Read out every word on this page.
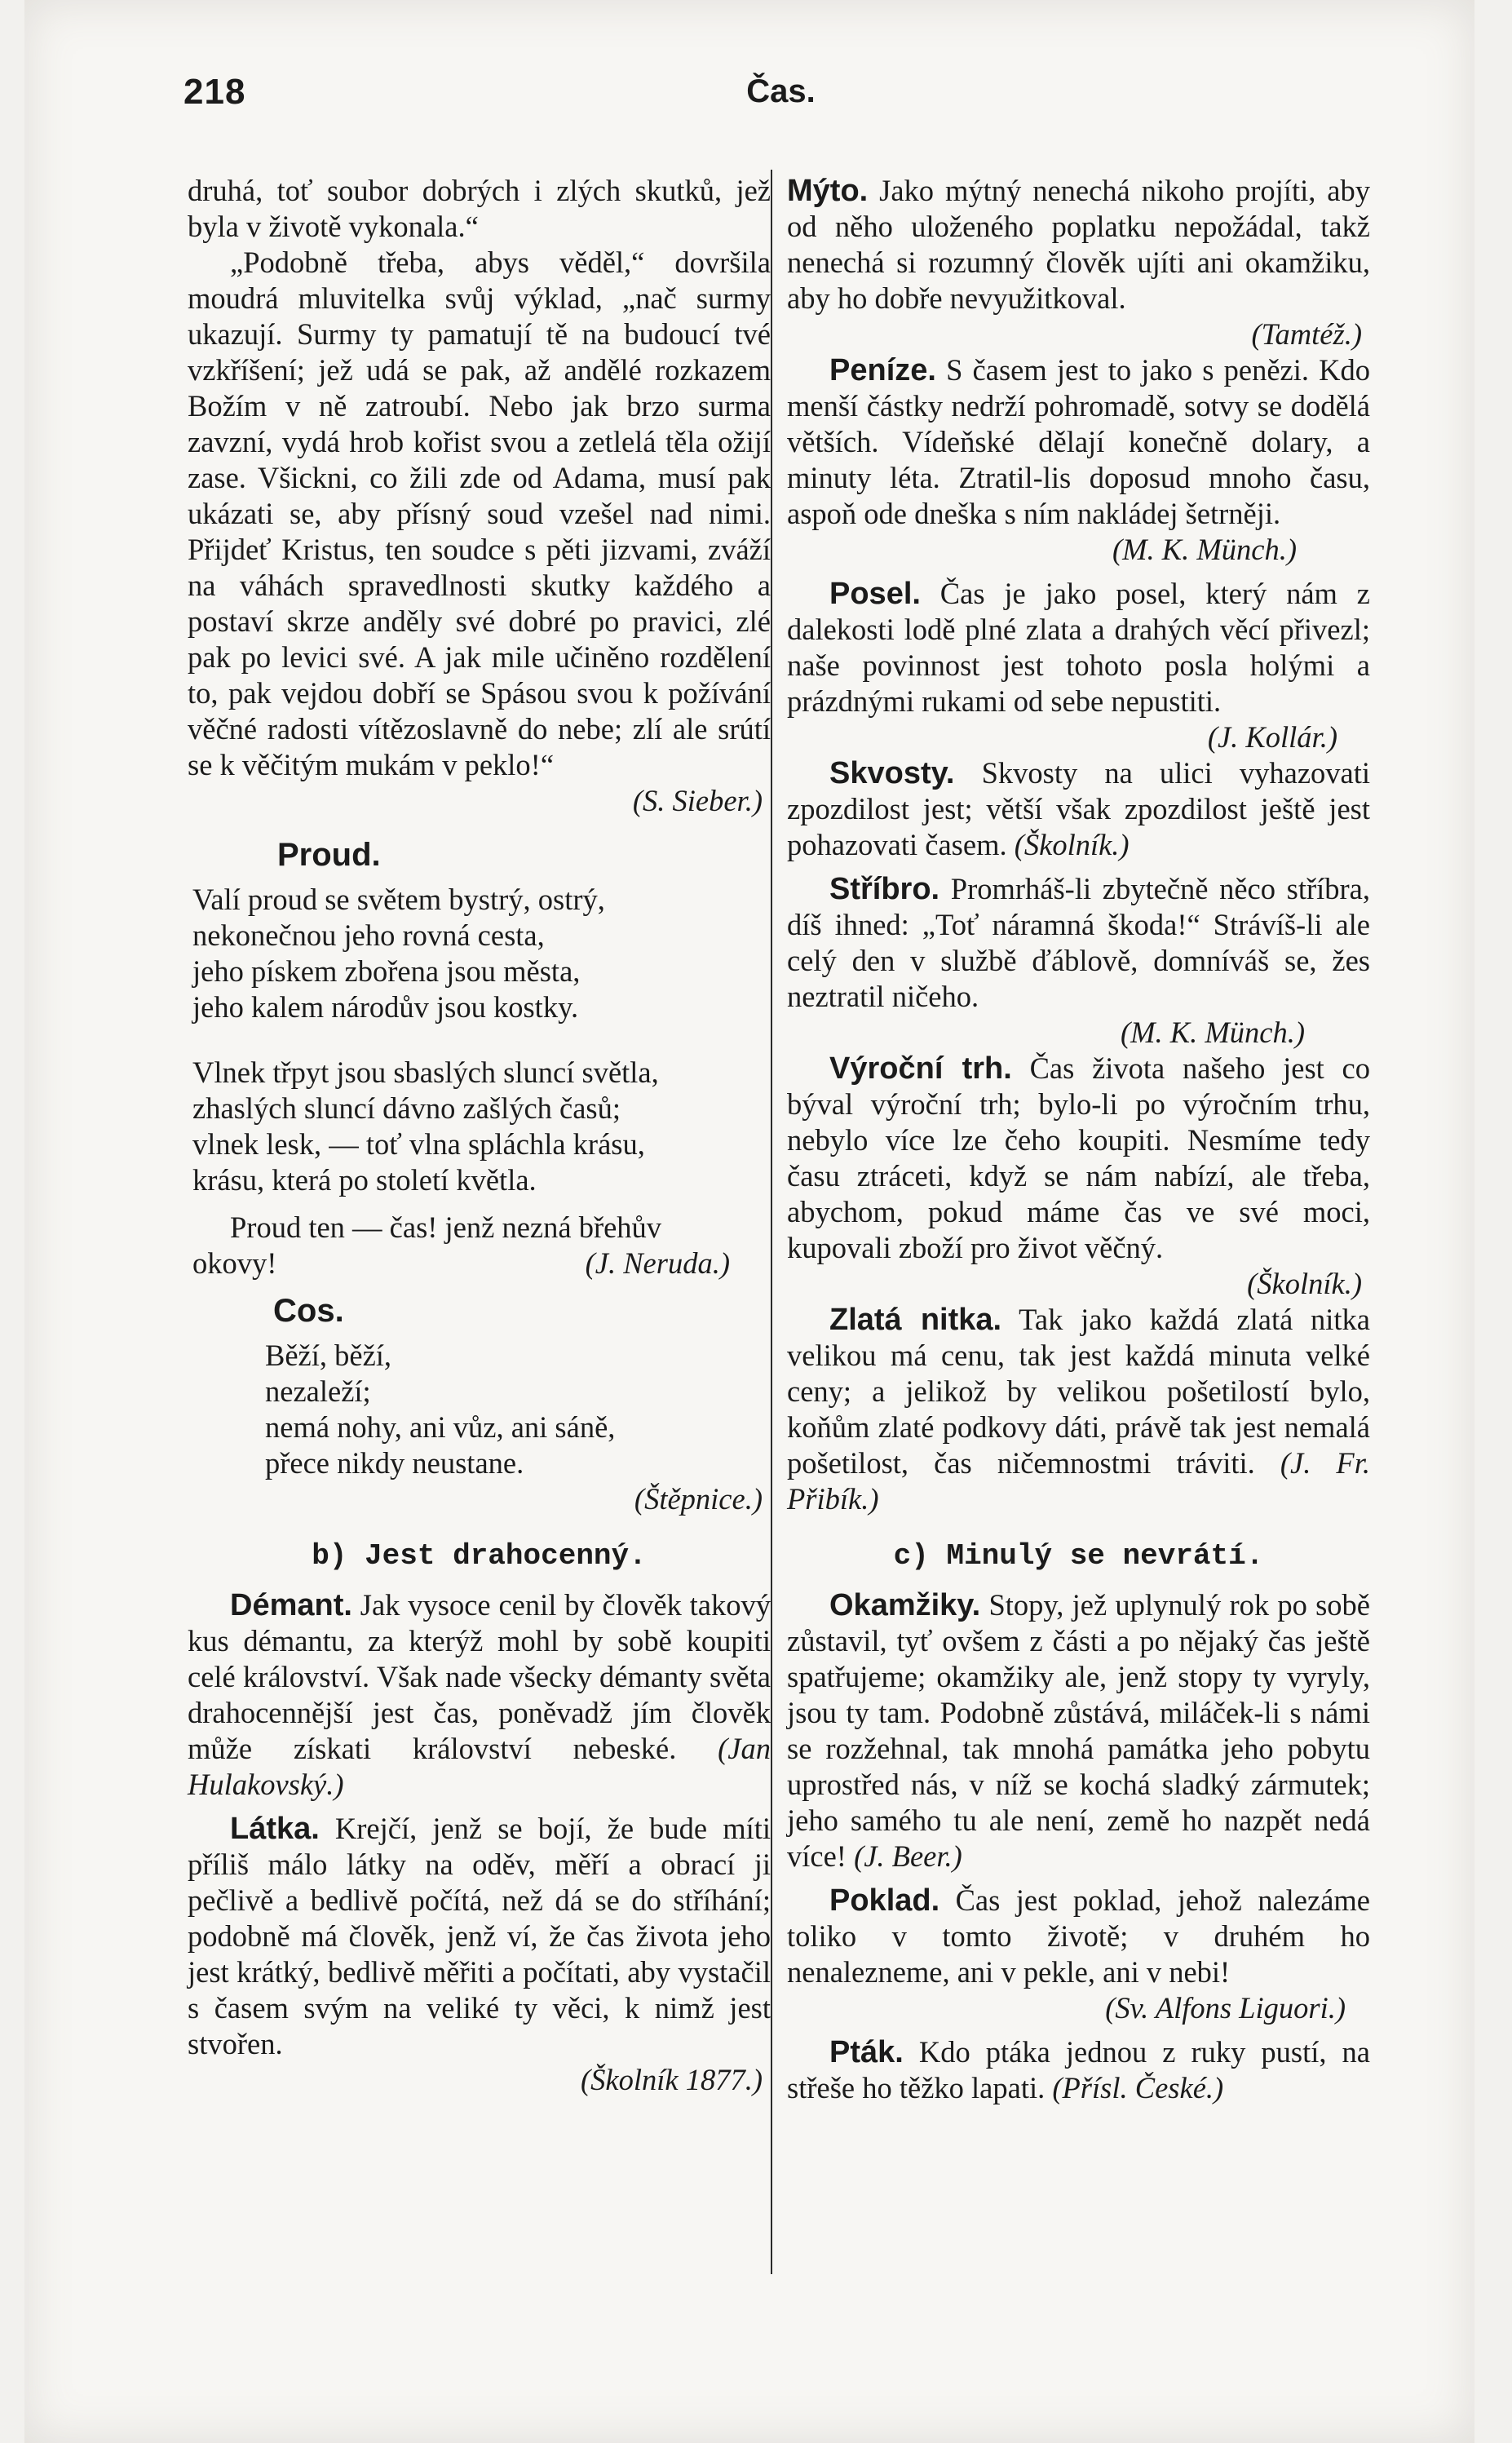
218	Čas.

druhá, toť soubor dobrých i zlých skutků, jež byla v životě vykonala.“

„Podobně třeba, abys věděl,“ dovršila moudrá mluvitelka svůj výklad, „nač surmy ukazují. Surmy ty pamatují tě na budoucí tvé vzkříšení; jež udá se pak, až andělé rozkazem Božím v ně zatroubí. Nebo jak brzo surma zavzní, vydá hrob kořist svou a zetlelá těla ožijí zase. Všickni, co žili zde od Adama, musí pak ukázati se, aby přísný soud vzešel nad nimi. Přijdeť Kristus, ten soudce s pěti jizvami, zváží na váhách spravedlnosti skutky každého a postaví skrze anděly své dobré po pravici, zlé pak po levici své. A jak mile učiněno rozdělení to, pak vejdou dobří se Spásou svou k požívání věčné radosti vítězoslavně do nebe; zlí ale srútí se k věčitým mukám v peklo!“

(S. Sieber.)
Proud.
Valí proud se světem bystrý, ostrý,
nekonečnou jeho rovná cesta,
jeho pískem zbořena jsou města,
jeho kalem národův jsou kostky.
Vlnek třpyt jsou sbaslých sluncí světla,
zhaslých sluncí dávno zašlých časů;
vlnek lesk, — toť vlna spláchla krásu,
krásu, která po století květla.
Proud ten — čas! jenž nezná břehův
okovy!	(J. Neruda.)
Cos.
Běží, běží,
nezaleží;
nemá nohy, ani vůz, ani sáně,
přece nikdy neustane.
(Štěpnice.)
b) Jest drahocenný.

Démant. Jak vysoce cenil by člověk takový kus démantu, za kterýž mohl by sobě koupiti celé království. Však nade všecky démanty světa drahocennější jest čas, poněvadž jím člověk může získati království nebeské. (Jan Hulakovský.)

Látka. Krejčí, jenž se bojí, že bude míti příliš málo látky na oděv, měří a obrací ji pečlivě a bedlivě počítá, než dá se do stříhání; podobně má člověk, jenž ví, že čas života jeho jest krátký, bedlivě měřiti a počítati, aby vystačil s časem svým na veliké ty věci, k nimž jest stvořen.

(Školník 1877.)

Mýto. Jako mýtný nenechá nikoho projíti, aby od něho uloženého poplatku nepožádal, takž nenechá si rozumný člověk ujíti ani okamžiku, aby ho dobře nevyužitkoval.

(Tamtéž.)

Peníze. S časem jest to jako s penězi. Kdo menší částky nedrží pohromadě, sotvy se dodělá větších. Vídeňské dělají konečně dolary, a minuty léta. Ztratil-lis doposud mnoho času, aspoň ode dneška s ním nakládej šetrněji.

(M. K. Münch.)

Posel. Čas je jako posel, který nám z dalekosti lodě plné zlata a drahých věcí přivezl; naše povinnost jest tohoto posla holými a prázdnými rukami od sebe nepustiti.

(J. Kollár.)

Skvosty. Skvosty na ulici vyhazovati zpozdilost jest; větší však zpozdilost ještě jest pohazovati časem. (Školník.)

Stříbro. Promrháš-li zbytečně něco stříbra, díš ihned: „Toť náramná škoda!“ Strávíš-li ale celý den v službě ďáblově, domníváš se, žes neztratil ničeho.

(M. K. Münch.)

Výroční trh. Čas života našeho jest co býval výroční trh; bylo-li po výročním trhu, nebylo více lze čeho koupiti. Nesmíme tedy času ztráceti, když se nám nabízí, ale třeba, abychom, pokud máme čas ve své moci, kupovali zboží pro život věčný.

(Školník.)

Zlatá nitka. Tak jako každá zlatá nitka velikou má cenu, tak jest každá minuta velké ceny; a jelikož by velikou pošetilostí bylo, koňům zlaté podkovy dáti, právě tak jest nemalá pošetilost, čas ničemnostmi tráviti. (J. Fr. Přibík.)

c) Minulý se nevrátí.

Okamžiky. Stopy, jež uplynulý rok po sobě zůstavil, tyť ovšem z části a po nějaký čas ještě spatřujeme; okamžiky ale, jenž stopy ty vyryly, jsou ty tam. Podobně zůstává, miláček-li s námi se rozžehnal, tak mnohá památka jeho pobytu uprostřed nás, v níž se kochá sladký zármutek; jeho samého tu ale není, země ho nazpět nedá více! (J. Beer.)

Poklad. Čas jest poklad, jehož nalezáme toliko v tomto životě; v druhém ho nenalezneme, ani v pekle, ani v nebi!

(Sv. Alfons Liguori.)

Pták. Kdo ptáka jednou z ruky pustí, na střeše ho těžko lapati. (Přísl. České.)
